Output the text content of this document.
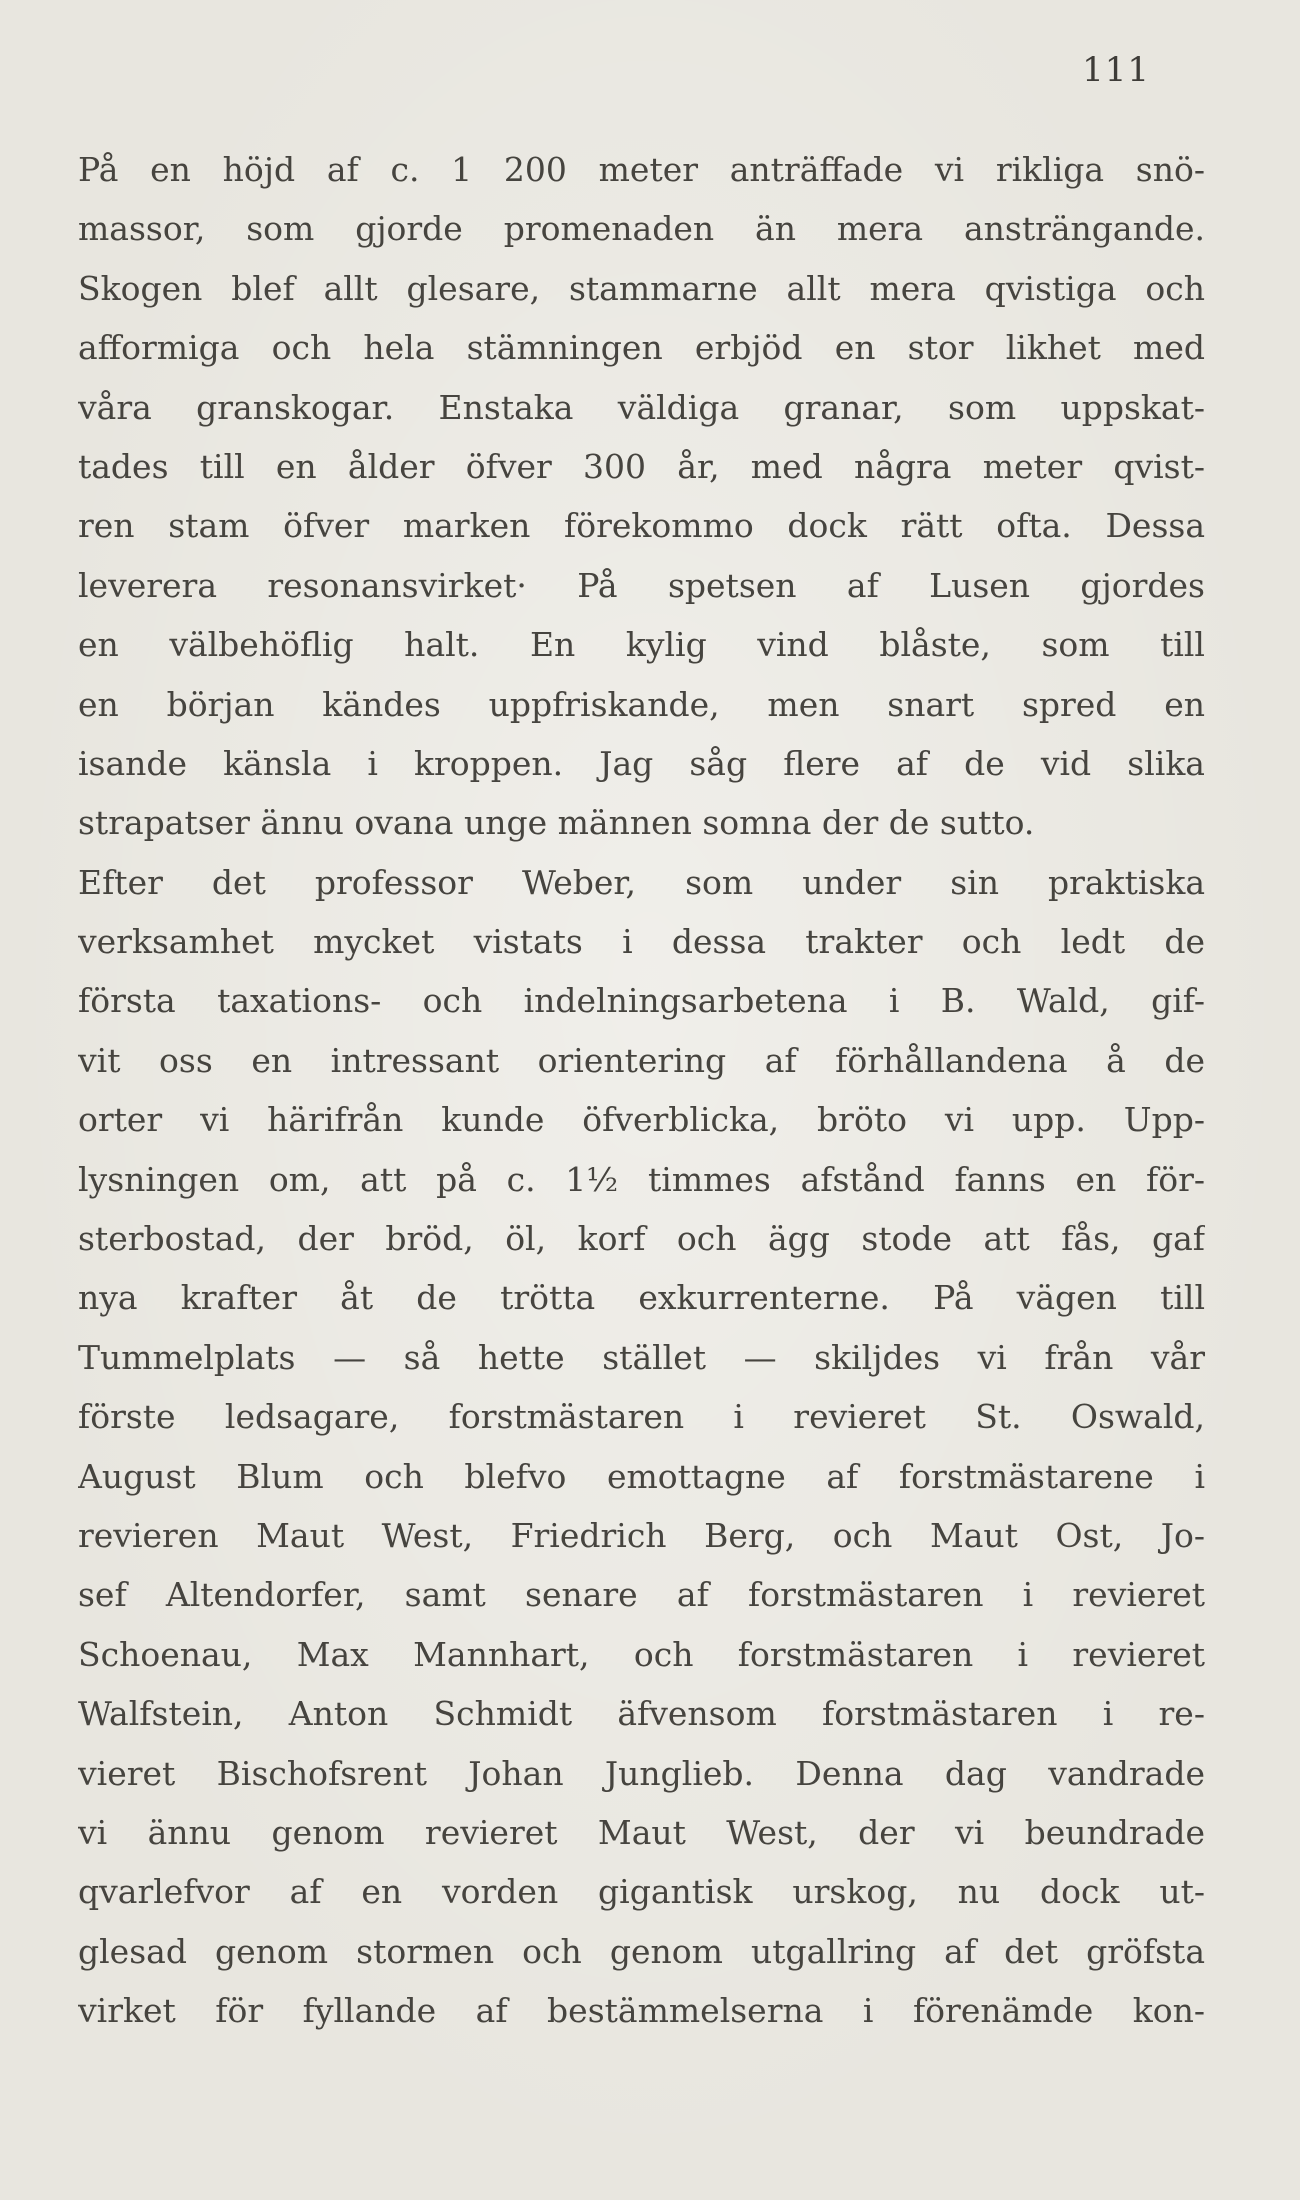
111
På en höjd af c. 1 200 meter anträffade vi rikliga snö-
massor, som gjorde promenaden än mera ansträngande.
Skogen blef allt glesare, stammarne allt mera qvistiga och
afformiga och hela stämningen erbjöd en stor likhet med
våra granskogar. Enstaka väldiga granar, som uppskat-
tades till en ålder öfver 300 år, med några meter qvist-
ren stam öfver marken förekommo dock rätt ofta. Dessa
leverera resonansvirket· På spetsen af Lusen gjordes
en välbehöflig halt. En kylig vind blåste, som till
en början kändes uppfriskande, men snart spred en
isande känsla i kroppen. Jag såg flere af de vid slika
strapatser ännu ovana unge männen somna der de sutto.
Efter det professor Weber, som under sin praktiska
verksamhet mycket vistats i dessa trakter och ledt de
första taxations- och indelningsarbetena i B. Wald, gif-
vit oss en intressant orientering af förhållandena å de
orter vi härifrån kunde öfverblicka, bröto vi upp. Upp-
lysningen om, att på c. 1½ timmes afstånd fanns en för-
sterbostad, der bröd, öl, korf och ägg stode att fås, gaf
nya krafter åt de trötta exkurrenterne. På vägen till
Tummelplats — så hette stället — skiljdes vi från vår
förste ledsagare, forstmästaren i revieret St. Oswald,
August Blum och blefvo emottagne af forstmästarene i
revieren Maut West, Friedrich Berg, och Maut Ost, Jo-
sef Altendorfer, samt senare af forstmästaren i revieret
Schoenau, Max Mannhart, och forstmästaren i revieret
Walfstein, Anton Schmidt äfvensom forstmästaren i re-
vieret Bischofsrent Johan Junglieb. Denna dag vandrade
vi ännu genom revieret Maut West, der vi beundrade
qvarlefvor af en vorden gigantisk urskog, nu dock ut-
glesad genom stormen och genom utgallring af det gröfsta
virket för fyllande af bestämmelserna i förenämde kon-
